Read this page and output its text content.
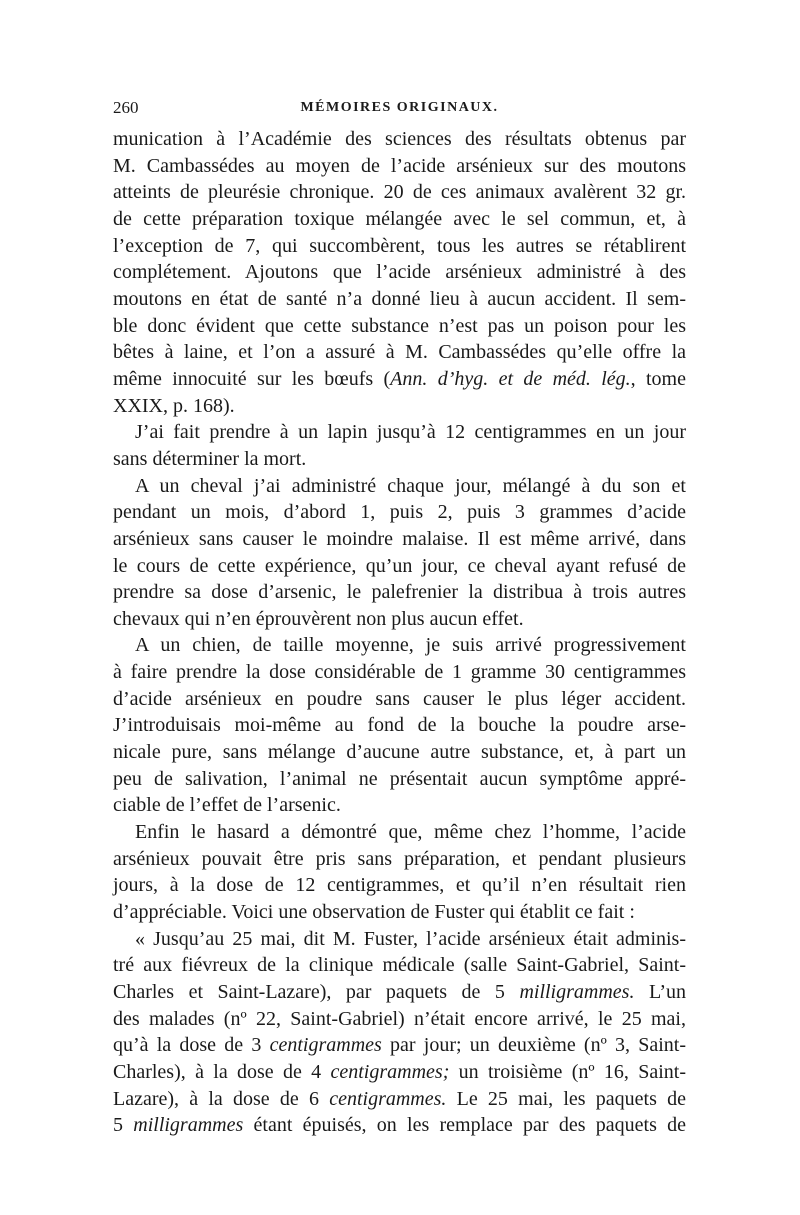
260	MÉMOIRES ORIGINAUX.
munication à l’Académie des sciences des résultats obtenus par
M. Cambassédes au moyen de l’acide arsénieux sur des moutons
atteints de pleurésie chronique. 20 de ces animaux avalèrent 32 gr.
de cette préparation toxique mélangée avec le sel commun, et, à
l’exception de 7, qui succombèrent, tous les autres se rétablirent
complétement. Ajoutons que l’acide arsénieux administré à des
moutons en état de santé n’a donné lieu à aucun accident. Il sem-
ble donc évident que cette substance n’est pas un poison pour les
bêtes à laine, et l’on a assuré à M. Cambassédes qu’elle offre la
même innocuité sur les bœufs (Ann. d’hyg. et de méd. lég., tome
XXIX, p. 168).
J’ai fait prendre à un lapin jusqu’à 12 centigrammes en un jour
sans déterminer la mort.
A un cheval j’ai administré chaque jour, mélangé à du son et
pendant un mois, d’abord 1, puis 2, puis 3 grammes d’acide
arsénieux sans causer le moindre malaise. Il est même arrivé, dans
le cours de cette expérience, qu’un jour, ce cheval ayant refusé de
prendre sa dose d’arsenic, le palefrenier la distribua à trois autres
chevaux qui n’en éprouvèrent non plus aucun effet.
A un chien, de taille moyenne, je suis arrivé progressivement
à faire prendre la dose considérable de 1 gramme 30 centigrammes
d’acide arsénieux en poudre sans causer le plus léger accident.
J’introduisais moi-même au fond de la bouche la poudre arse-
nicale pure, sans mélange d’aucune autre substance, et, à part un
peu de salivation, l’animal ne présentait aucun symptôme appré-
ciable de l’effet de l’arsenic.
Enfin le hasard a démontré que, même chez l’homme, l’acide
arsénieux pouvait être pris sans préparation, et pendant plusieurs
jours, à la dose de 12 centigrammes, et qu’il n’en résultait rien
d’appréciable. Voici une observation de Fuster qui établit ce fait :
« Jusqu’au 25 mai, dit M. Fuster, l’acide arsénieux était adminis-
tré aux fiévreux de la clinique médicale (salle Saint-Gabriel, Saint-
Charles et Saint-Lazare), par paquets de 5 milligrammes. L’un
des malades (nº 22, Saint-Gabriel) n’était encore arrivé, le 25 mai,
qu’à la dose de 3 centigrammes par jour; un deuxième (nº 3, Saint-
Charles), à la dose de 4 centigrammes; un troisième (nº 16, Saint-
Lazare), à la dose de 6 centigrammes. Le 25 mai, les paquets de
5 milligrammes étant épuisés, on les remplace par des paquets de
